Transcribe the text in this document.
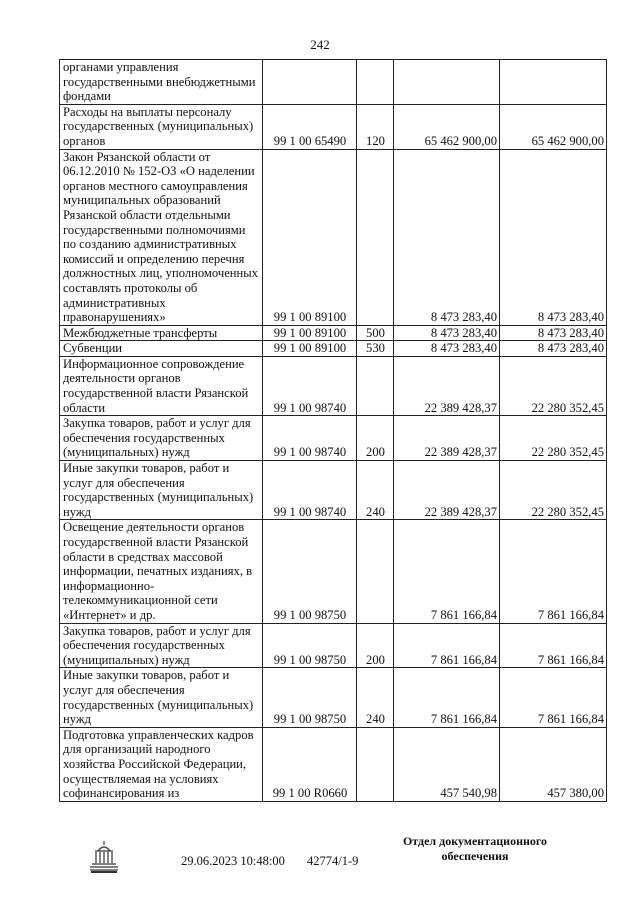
242
органами управления государственными внебюджетными фондами				
Расходы на выплаты персоналу государственных (муниципальных) органов	99 1 00 65490	120	65 462 900,00	65 462 900,00
Закон Рязанской области от 06.12.2010 № 152-ОЗ «О наделении органов местного самоуправления муниципальных образований Рязанской области отдельными государственными полномочиями по созданию административных комиссий и определению перечня должностных лиц, уполномоченных составлять протоколы об административных правонарушениях»	99 1 00 89100		8 473 283,40	8 473 283,40
Межбюджетные трансферты	99 1 00 89100	500	8 473 283,40	8 473 283,40
Субвенции	99 1 00 89100	530	8 473 283,40	8 473 283,40
Информационное сопровождение деятельности органов государственной власти Рязанской области	99 1 00 98740		22 389 428,37	22 280 352,45
Закупка товаров, работ и услуг для обеспечения государственных (муниципальных) нужд	99 1 00 98740	200	22 389 428,37	22 280 352,45
Иные закупки товаров, работ и услуг для обеспечения государственных (муниципальных) нужд	99 1 00 98740	240	22 389 428,37	22 280 352,45
Освещение деятельности органов государственной власти Рязанской области в средствах массовой информации, печатных изданиях, в информационно-телекоммуникационной сети «Интернет» и др.	99 1 00 98750		7 861 166,84	7 861 166,84
Закупка товаров, работ и услуг для обеспечения государственных (муниципальных) нужд	99 1 00 98750	200	7 861 166,84	7 861 166,84
Иные закупки товаров, работ и услуг для обеспечения государственных (муниципальных) нужд	99 1 00 98750	240	7 861 166,84	7 861 166,84
Подготовка управленческих кадров для организаций народного хозяйства Российской Федерации, осуществляемая на условиях софинансирования из	99 1 00 R0660		457 540,98	457 380,00
29.06.2023 10:48:00 42774/1-9
Отдел документационного обеспечения
